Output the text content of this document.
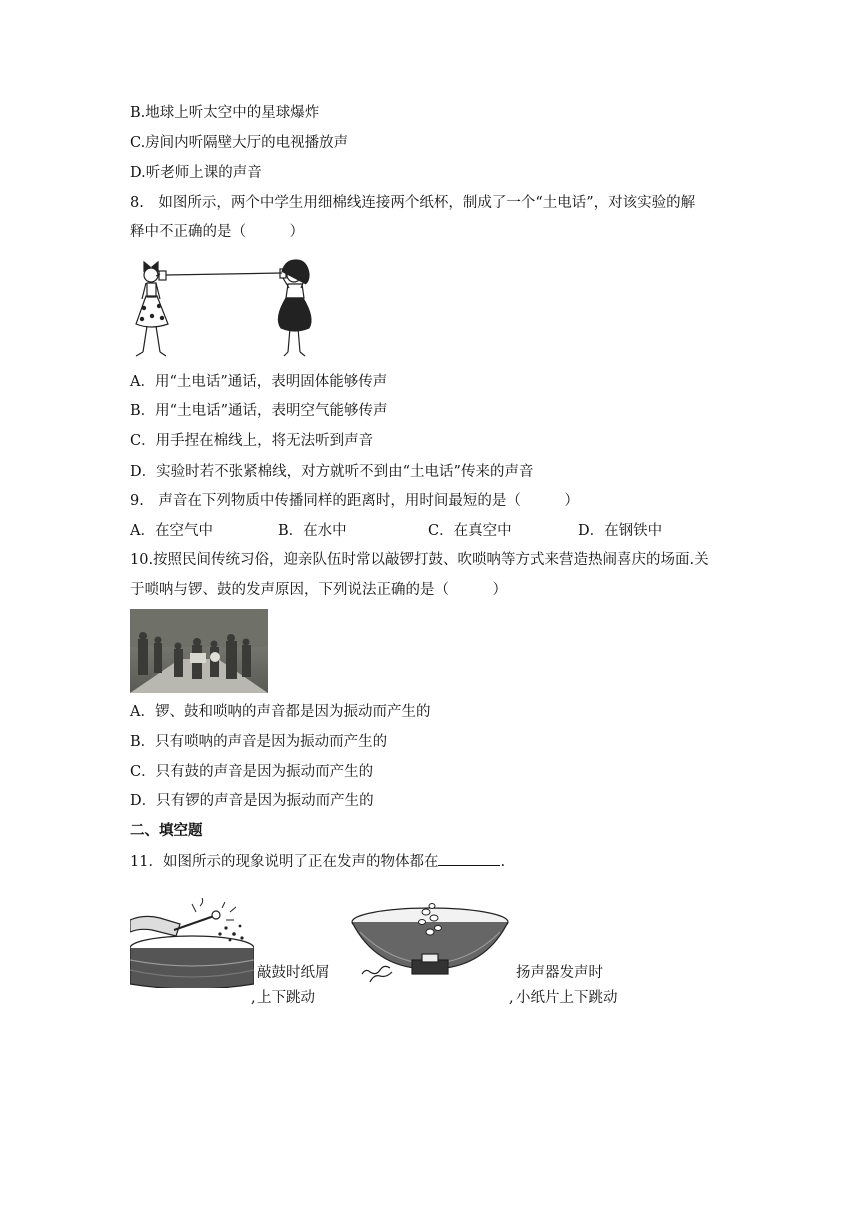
B.地球上听太空中的星球爆炸
C.房间内听隔壁大厅的电视播放声
D.听老师上课的声音
8.　如图所示，两个中学生用细棉线连接两个纸杯，制成了一个“土电话”，对该实验的解
释中不正确的是（　　　）
A．用“土电话”通话，表明固体能够传声
B．用“土电话”通话，表明空气能够传声
C．用手捏在棉线上，将无法听到声音
D．实验时若不张紧棉线，对方就听不到由“土电话”传来的声音
9.　声音在下列物质中传播同样的距离时，用时间最短的是（　　　）
A．在空气中	B．在水中	C．在真空中	D．在钢铁中
10.按照民间传统习俗，迎亲队伍时常以敲锣打鼓、吹唢呐等方式来营造热闹喜庆的场面.关
于唢呐与锣、鼓的发声原因，下列说法正确的是（　　　）
A．锣、鼓和唢呐的声音都是因为振动而产生的
B．只有唢呐的声音是因为振动而产生的
C．只有鼓的声音是因为振动而产生的
D．只有锣的声音是因为振动而产生的
二、填空题
11．如图所示的现象说明了正在发声的物体都在	.
,
敲鼓时纸屑
上下跳动	,
扬声器发声时
小纸片上下跳动
